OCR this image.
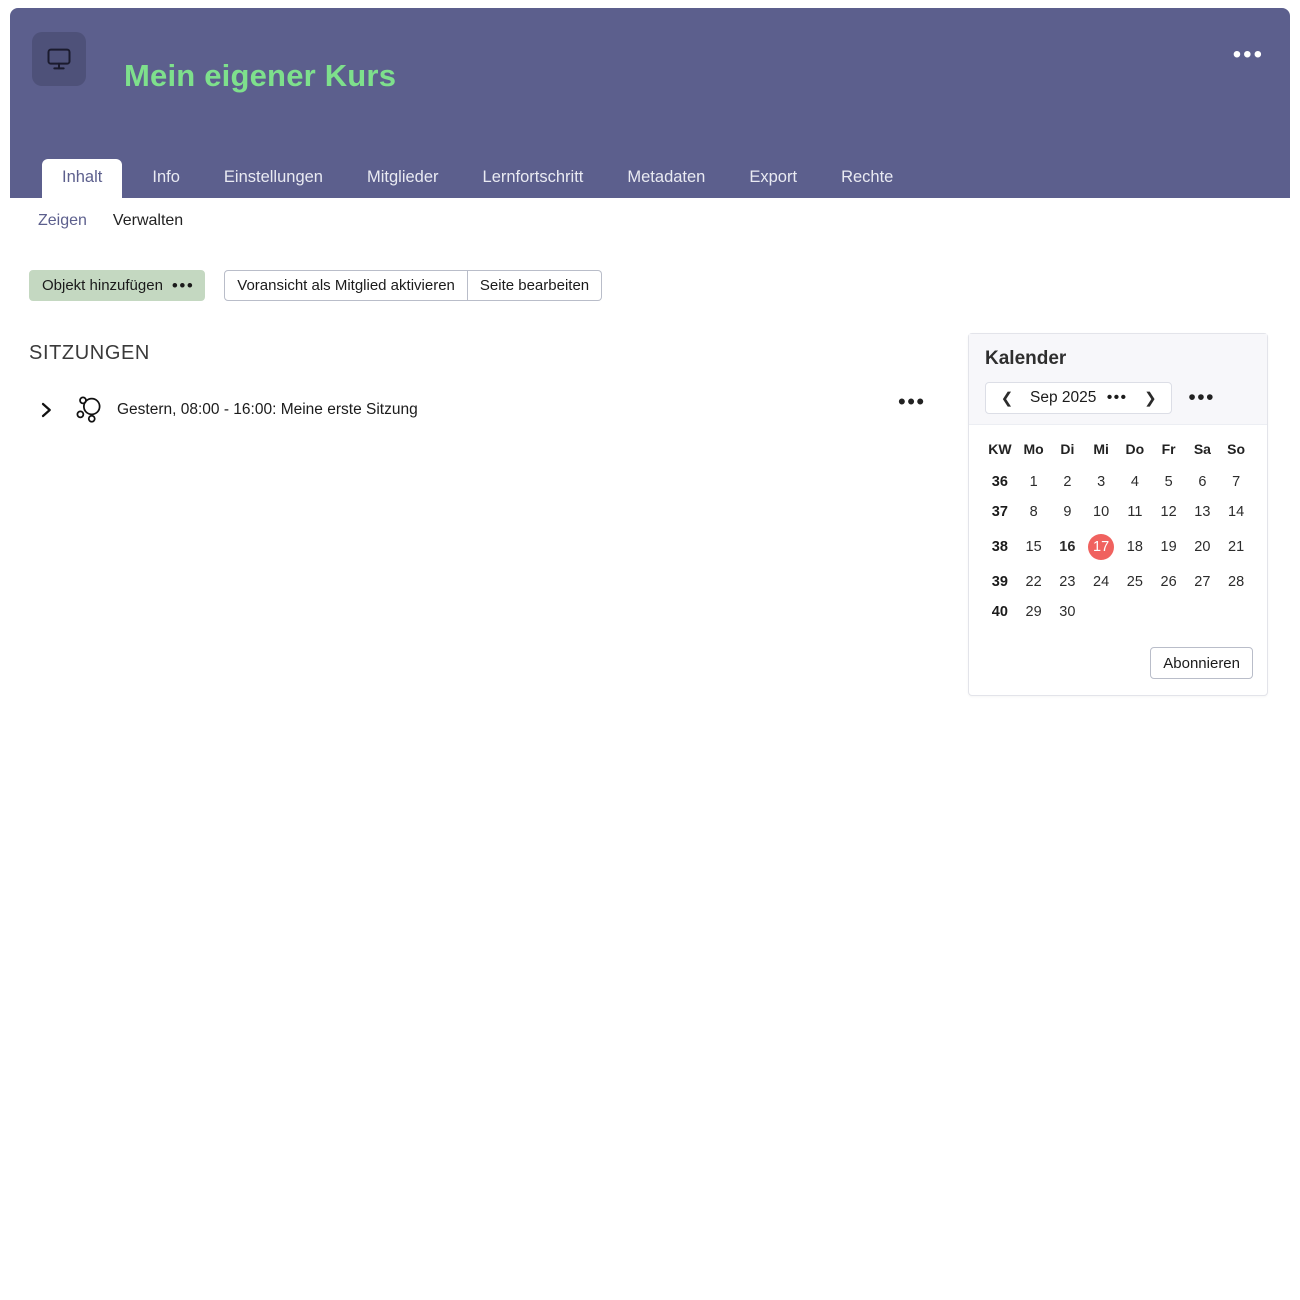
Mein eigener Kurs
•••
Inhalt	Info	Einstellungen	Mitglieder	Lernfortschritt	Metadaten	Export	Rechte
Zeigen Verwalten
Objekt hinzufügen •••	Voransicht als Mitglied aktivieren	Seite bearbeiten
SITZUNGEN
Gestern, 08:00 - 16:00: Meine erste Sitzung	•••
Kalender
❮	Sep 2025 •••	❯	•••
KW	Mo	Di	Mi	Do	Fr	Sa	So
36	1	2	3	4	5	6	7
37	8	9	10	11	12	13	14
38	15	16	17	18	19	20	21
39	22	23	24	25	26	27	28
40	29	30					
Abonnieren
